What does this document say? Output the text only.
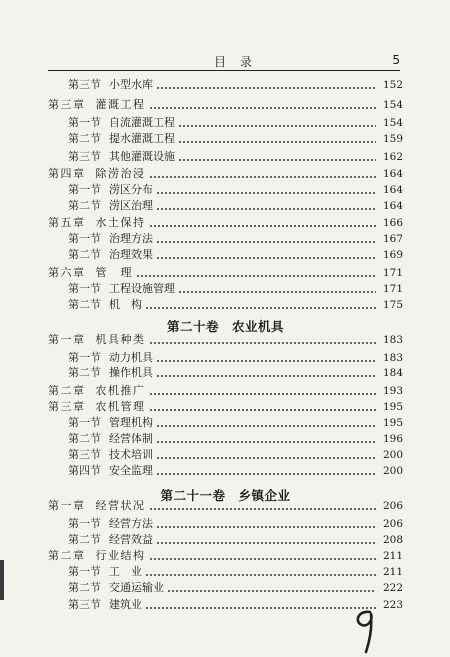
目录	5
第三节 小型水库	152
第三章 灌溉工程	154
第一节 自流灌溉工程	154
第二节 提水灌溉工程	159
第三节 其他灌溉设施	162
第四章 除涝治浸	164
第一节 涝区分布	164
第二节 涝区治理	164
第五章 水土保持	166
第一节 治理方法	167
第二节 治理效果	169
第六章 管　理	171
第一节 工程设施管理	171
第二节 机　构	175
第二十卷　农业机具
第一章 机具种类	183
第一节 动力机具	183
第二节 操作机具	184
第二章 农机推广	193
第三章 农机管理	195
第一节 管理机构	195
第二节 经营体制	196
第三节 技术培训	200
第四节 安全监理	200
第二十一卷　乡镇企业
第一章 经营状况	206
第一节 经营方法	206
第二节 经营效益	208
第二章 行业结构	211
第一节 工　业	211
第二节 交通运输业	222
第三节 建筑业	223
